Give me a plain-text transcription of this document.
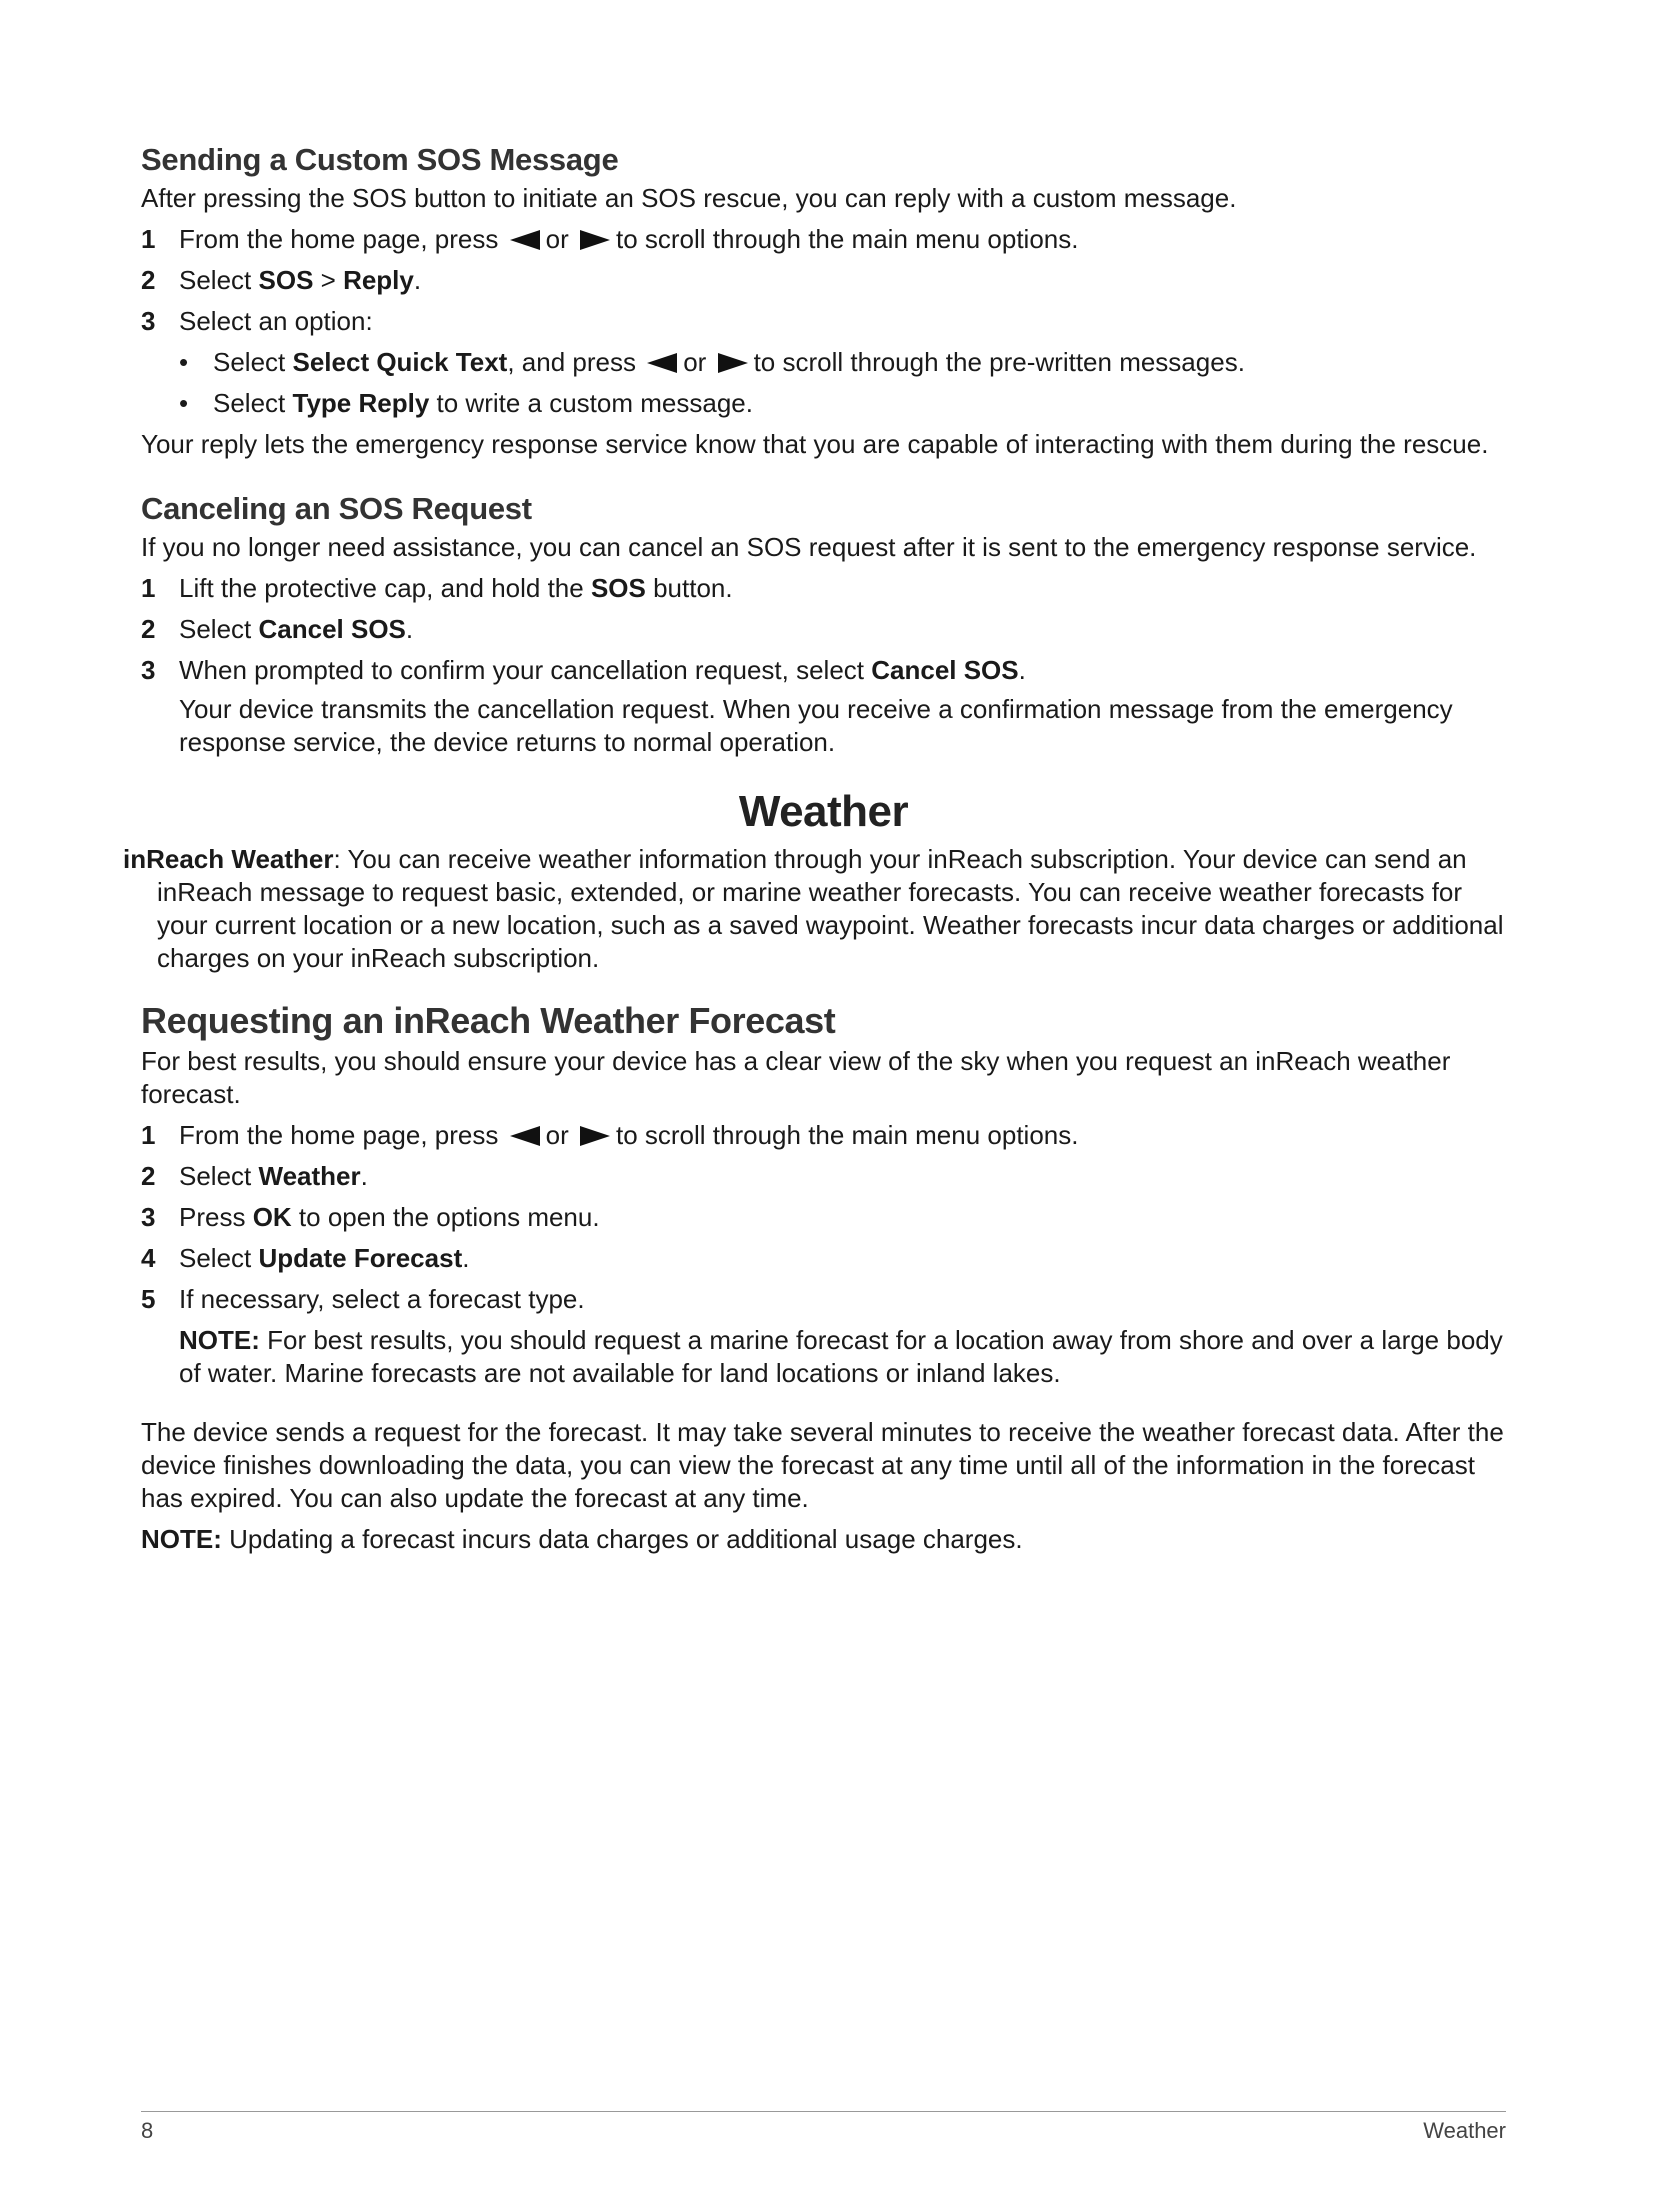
Sending a Custom SOS Message

After pressing the SOS button to initiate an SOS rescue, you can reply with a custom message.

1 From the home page, press or to scroll through the main menu options.
2 Select SOS > Reply.
3 Select an option:
• Select Select Quick Text, and press or to scroll through the pre-written messages.
• Select Type Reply to write a custom message.

Your reply lets the emergency response service know that you are capable of interacting with them during the rescue.

Canceling an SOS Request

If you no longer need assistance, you can cancel an SOS request after it is sent to the emergency response service.

1 Lift the protective cap, and hold the SOS button.
2 Select Cancel SOS.
3 When prompted to confirm your cancellation request, select Cancel SOS.

Your device transmits the cancellation request. When you receive a confirmation message from the emergency response service, the device returns to normal operation.

Weather

inReach Weather: You can receive weather information through your inReach subscription. Your device can send an inReach message to request basic, extended, or marine weather forecasts. You can receive weather forecasts for your current location or a new location, such as a saved waypoint. Weather forecasts incur data charges or additional charges on your inReach subscription.

Requesting an inReach Weather Forecast

For best results, you should ensure your device has a clear view of the sky when you request an inReach weather forecast.

1 From the home page, press or to scroll through the main menu options.
2 Select Weather.
3 Press OK to open the options menu.
4 Select Update Forecast.
5 If necessary, select a forecast type.

NOTE: For best results, you should request a marine forecast for a location away from shore and over a large body of water. Marine forecasts are not available for land locations or inland lakes.

The device sends a request for the forecast. It may take several minutes to receive the weather forecast data. After the device finishes downloading the data, you can view the forecast at any time until all of the information in the forecast has expired. You can also update the forecast at any time.

NOTE: Updating a forecast incurs data charges or additional usage charges.

8	Weather
